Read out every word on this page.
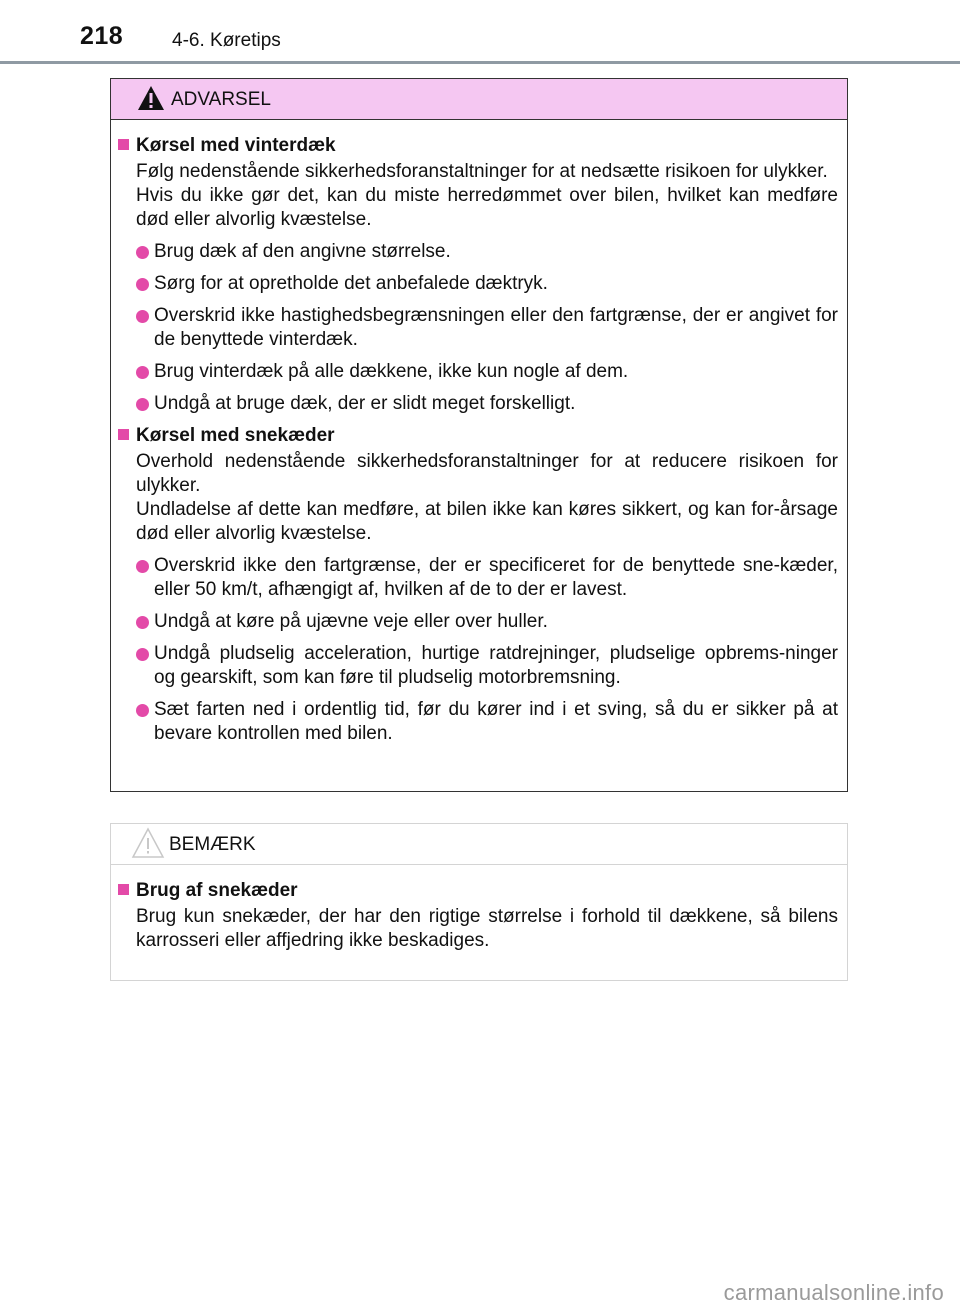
218	4-6. Køretips
ADVARSEL

Kørsel med vinterdæk

Følg nedenstående sikkerhedsforanstaltninger for at nedsætte risikoen for ulykker.

Hvis du ikke gør det, kan du miste herredømmet over bilen, hvilket kan medføre død eller alvorlig kvæstelse.

Brug dæk af den angivne størrelse.
Sørg for at opretholde det anbefalede dæktryk.
Overskrid ikke hastighedsbegrænsningen eller den fartgrænse, der er angivet for de benyttede vinterdæk.
Brug vinterdæk på alle dækkene, ikke kun nogle af dem.
Undgå at bruge dæk, der er slidt meget forskelligt.

Kørsel med snekæder

Overhold nedenstående sikkerhedsforanstaltninger for at reducere risikoen for ulykker.

Undladelse af dette kan medføre, at bilen ikke kan køres sikkert, og kan for-årsage død eller alvorlig kvæstelse.

Overskrid ikke den fartgrænse, der er specificeret for de benyttede sne-kæder, eller 50 km/t, afhængigt af, hvilken af de to der er lavest.
Undgå at køre på ujævne veje eller over huller.
Undgå pludselig acceleration, hurtige ratdrejninger, pludselige opbrems-ninger og gearskift, som kan føre til pludselig motorbremsning.
Sæt farten ned i ordentlig tid, før du kører ind i et sving, så du er sikker på at bevare kontrollen med bilen.
BEMÆRK

Brug af snekæder

Brug kun snekæder, der har den rigtige størrelse i forhold til dækkene, så bilens karrosseri eller affjedring ikke beskadiges.

carmanualsonline.info
